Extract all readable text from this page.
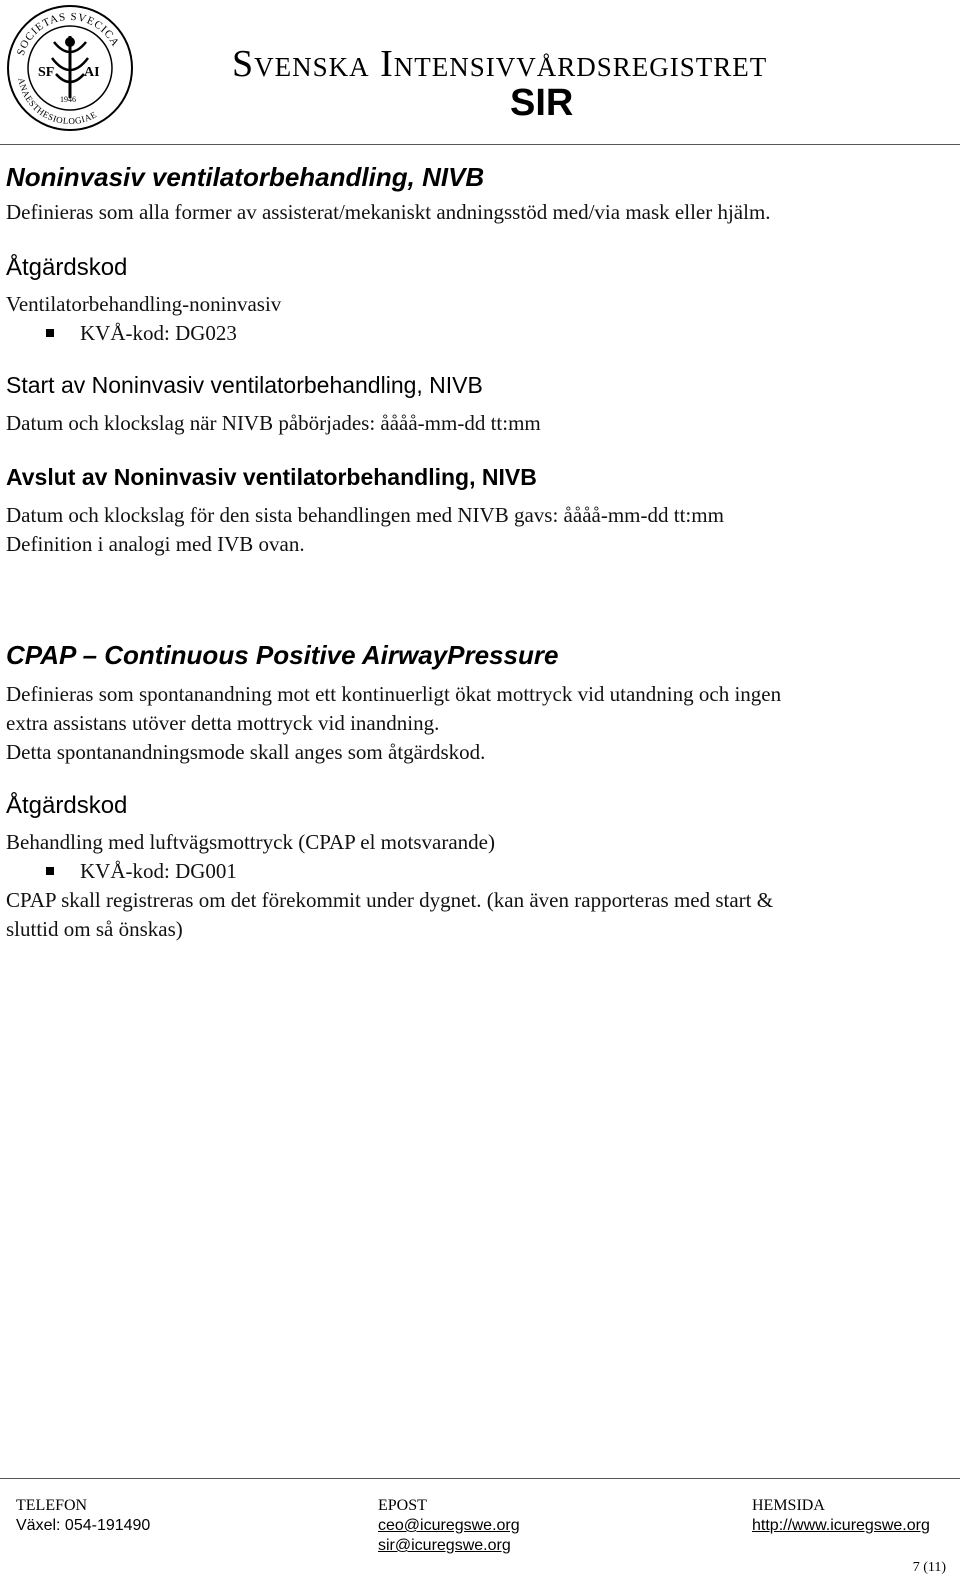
SOCIETAS SVECICA
ANAESTHESIOLOGIAE
SF AI
1946
Svenska Intensivvårdsregistret
SIR
Noninvasiv ventilatorbehandling, NIVB

Definieras som alla former av assisterat/mekaniskt andningsstöd med/via mask eller hjälm.

Åtgärdskod

Ventilatorbehandling-noninvasiv

KVÅ-kod: DG023
Start av Noninvasiv ventilatorbehandling, NIVB

Datum och klockslag när NIVB påbörjades: åååå-mm-dd tt:mm

Avslut av Noninvasiv ventilatorbehandling, NIVB

Datum och klockslag för den sista behandlingen med NIVB gavs: åååå-mm-dd tt:mm

Definition i analogi med IVB ovan.

CPAP – Continuous Positive AirwayPressure

Definieras som spontanandning mot ett kontinuerligt ökat mottryck vid utandning och ingen

extra assistans utöver detta mottryck vid inandning.

Detta spontanandningsmode skall anges som åtgärdskod.

Åtgärdskod

Behandling med luftvägsmottryck (CPAP el motsvarande)

KVÅ-kod: DG001

CPAP skall registreras om det förekommit under dygnet. (kan även rapporteras med start &

sluttid om så önskas)

TELEFON
Växel: 054-191490
EPOST
ceo@icuregswe.org
sir@icuregswe.org
HEMSIDA
http://www.icuregswe.org
7 (11)
